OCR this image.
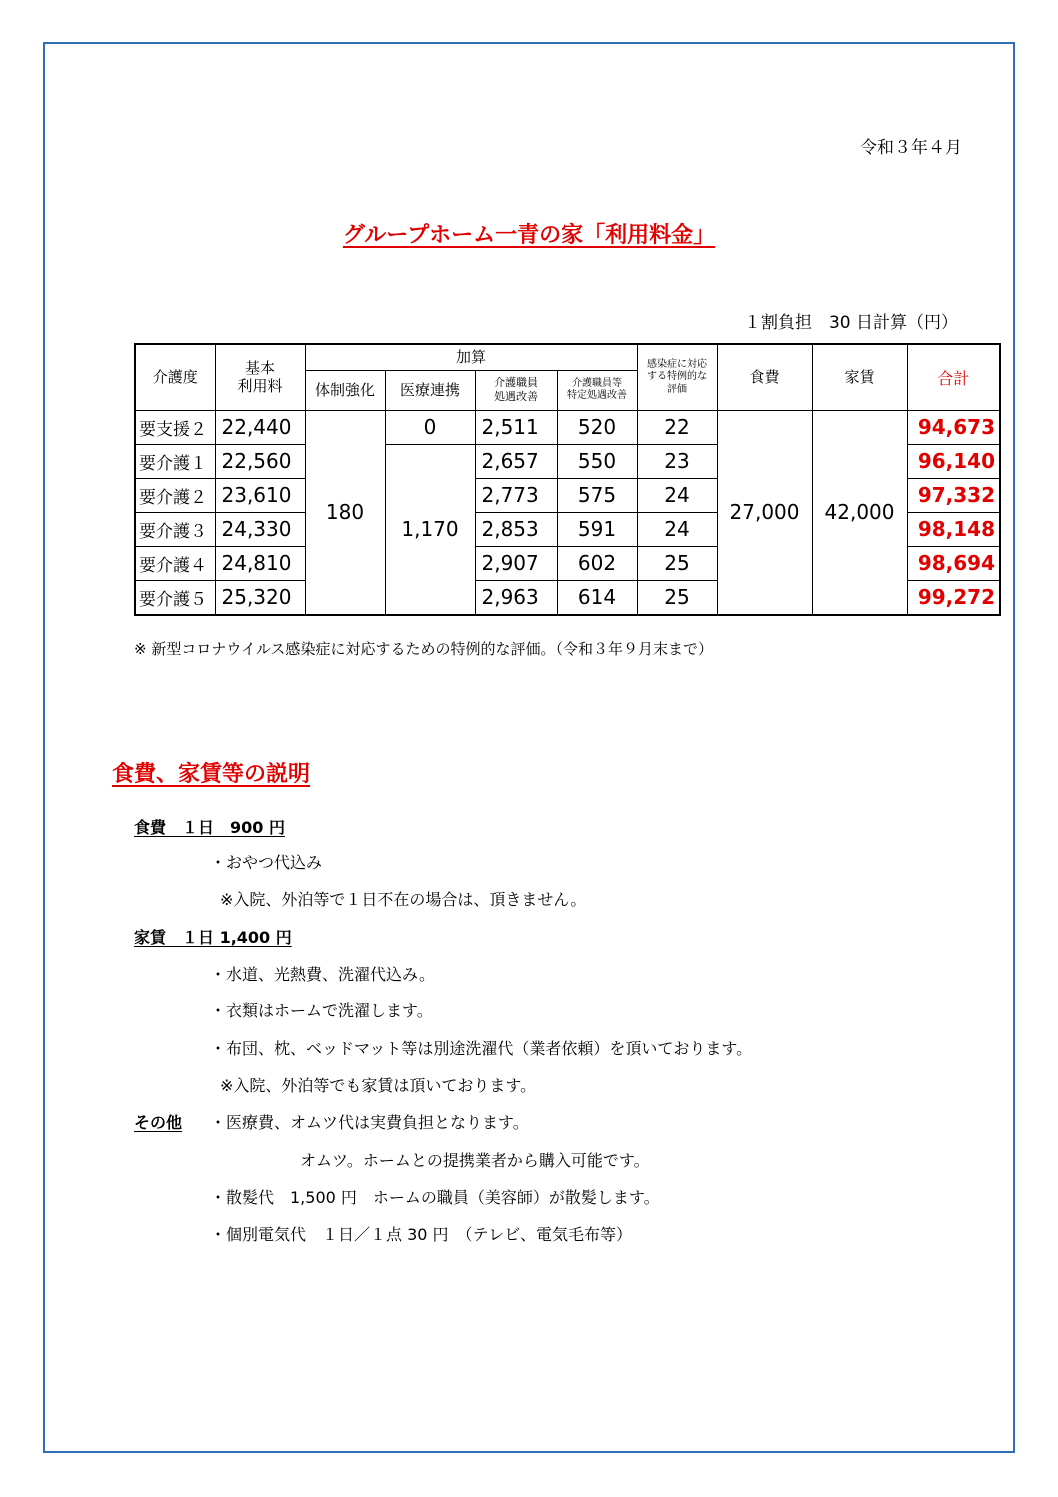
令和３年４月
グループホーム一青の家「利用料金」
１割負担　30 日計算（円）
介護度	基本
利用料	加算				感染症に対応
する特例的な
評価	食費	家賃	合計
		体制強化	医療連携	介護職員
処遇改善	介護職員等
特定処遇改善				
要支援２	22,440	180	0	2,511	520	22	27,000	42,000	94,673
要介護１	22,560		1,170	2,657	550	23			96,140
要介護２	23,610			2,773	575	24			97,332
要介護３	24,330			2,853	591	24			98,148
要介護４	24,810			2,907	602	25			98,694
要介護５	25,320			2,963	614	25			99,272
※ 新型コロナウイルス感染症に対応するための特例的な評価。（令和３年９月末まで）
食費、家賃等の説明
食費　１日　900 円
・おやつ代込み
※入院、外泊等で１日不在の場合は、頂きません。
家賃　１日 1,400 円
・水道、光熱費、洗濯代込み。
・衣類はホームで洗濯します。
・布団、枕、ベッドマット等は別途洗濯代（業者依頼）を頂いております。
※入院、外泊等でも家賃は頂いております。
その他 ・医療費、オムツ代は実費負担となります。
オムツ。ホームとの提携業者から購入可能です。
・散髪代　1,500 円　ホームの職員（美容師）が散髪します。
・個別電気代　１日／１点 30 円　（テレビ、電気毛布等）
